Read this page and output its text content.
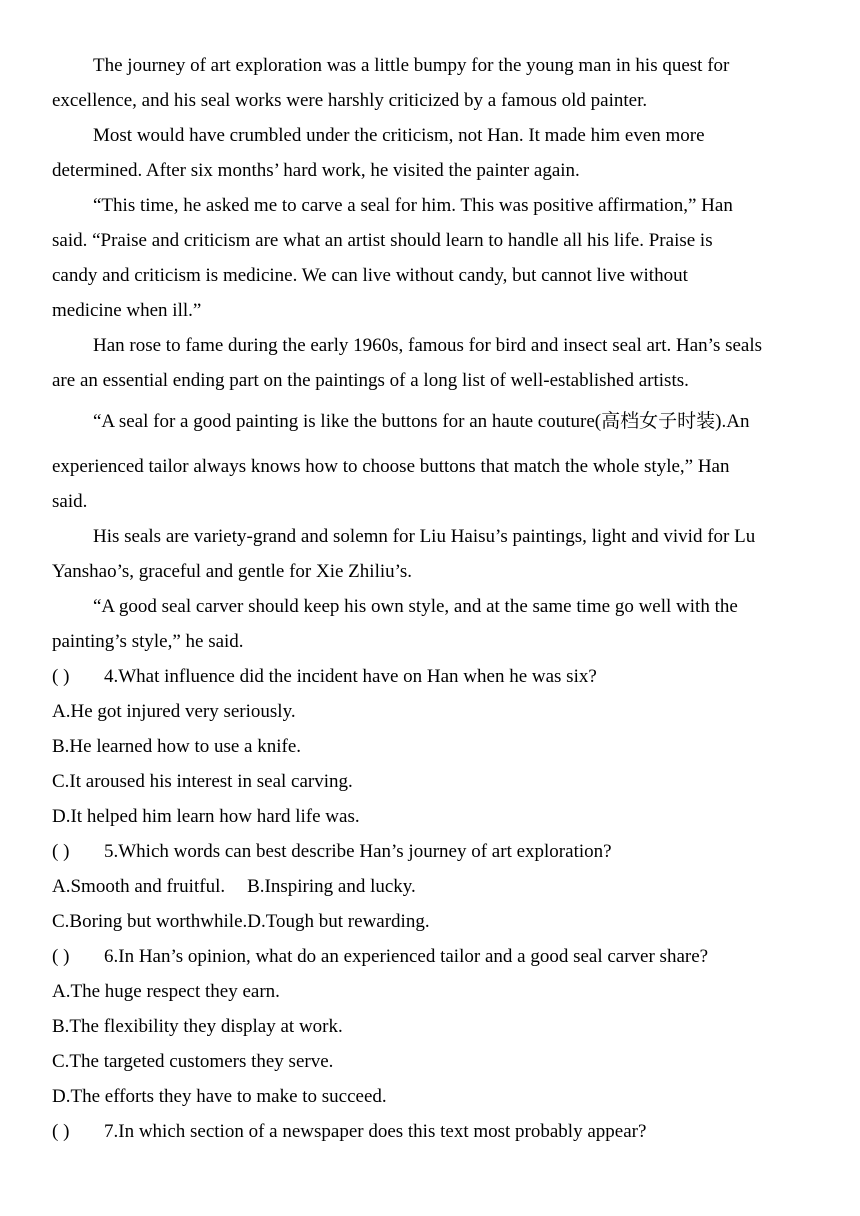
The journey of art exploration was a little bumpy for the young man in his quest for
excellence, and his seal works were harshly criticized by a famous old painter.
Most would have crumbled under the criticism, not Han. It made him even more
determined. After six months’ hard work, he visited the painter again.
“This time, he asked me to carve a seal for him. This was positive affirmation,” Han
said. “Praise and criticism are what an artist should learn to handle all his life. Praise is
candy and criticism is medicine. We can live without candy, but cannot live without
medicine when ill.”
Han rose to fame during the early 1960s, famous for bird and insect seal art. Han’s seals
are an essential ending part on the paintings of a long list of well-established artists.
“A seal for a good painting is like the buttons for an haute couture(高档女子时装).An
experienced tailor always knows how to choose buttons that match the whole style,” Han
said.
His seals are variety-grand and solemn for Liu Haisu’s paintings, light and vivid for Lu
Yanshao’s, graceful and gentle for Xie Zhiliu’s.
“A good seal carver should keep his own style, and at the same time go well with the
painting’s style,” he said.
( ) 4.What influence did the incident have on Han when he was six?
A.He got injured very seriously.
B.He learned how to use a knife.
C.It aroused his interest in seal carving.
D.It helped him learn how hard life was.
( ) 5.Which words can best describe Han’s journey of art exploration?
A.Smooth and fruitful. B.Inspiring and lucky.
C.Boring but worthwhile.D.Tough but rewarding.
( ) 6.In Han’s opinion, what do an experienced tailor and a good seal carver share?
A.The huge respect they earn.
B.The flexibility they display at work.
C.The targeted customers they serve.
D.The efforts they have to make to succeed.
( ) 7.In which section of a newspaper does this text most probably appear?
